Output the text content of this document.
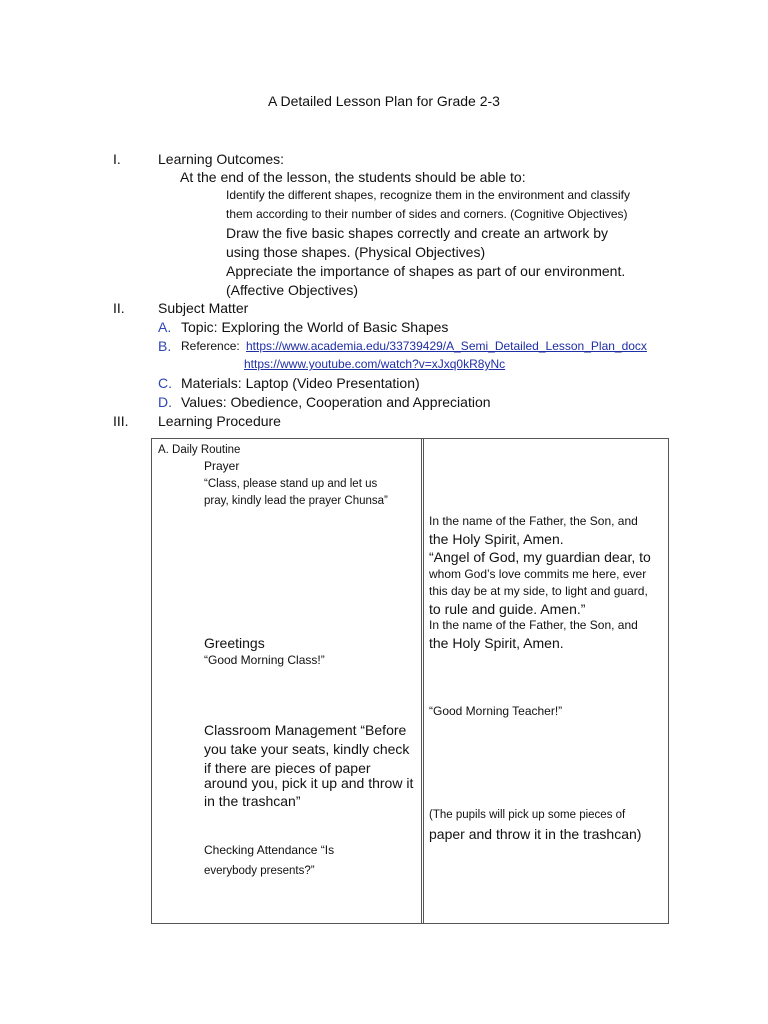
A Detailed Lesson Plan for Grade 2-3
I.	Learning Outcomes:
At the end of the lesson, the students should be able to:
Identify the different shapes, recognize them in the environment and classify
them according to their number of sides and corners. (Cognitive Objectives)
Draw the five basic shapes correctly and create an artwork by
using those shapes. (Physical Objectives)
Appreciate the importance of shapes as part of our environment.
(Affective Objectives)
II. Subject Matter
A. Topic: Exploring the World of Basic Shapes
B. Reference: https://www.academia.edu/33739429/A_Semi_Detailed_Lesson_Plan_docx
https://www.youtube.com/watch?v=xJxq0kR8yNc
C. Materials: Laptop (Video Presentation)
D. Values: Obedience, Cooperation and Appreciation
III. Learning Procedure
A. Daily Routine
Prayer
“Class, please stand up and let us
pray, kindly lead the prayer Chunsa”
Greetings
“Good Morning Class!”
Classroom Management “Before
you take your seats, kindly check
if there are pieces of paper
around you, pick it up and throw it
in the trashcan”
Checking Attendance “Is
everybody presents?”
In the name of the Father, the Son, and
the Holy Spirit, Amen.
“Angel of God, my guardian dear, to
whom God’s love commits me here, ever
this day be at my side, to light and guard,
to rule and guide. Amen.”
In the name of the Father, the Son, and
the Holy Spirit, Amen.
“Good Morning Teacher!”
(The pupils will pick up some pieces of
paper and throw it in the trashcan)
